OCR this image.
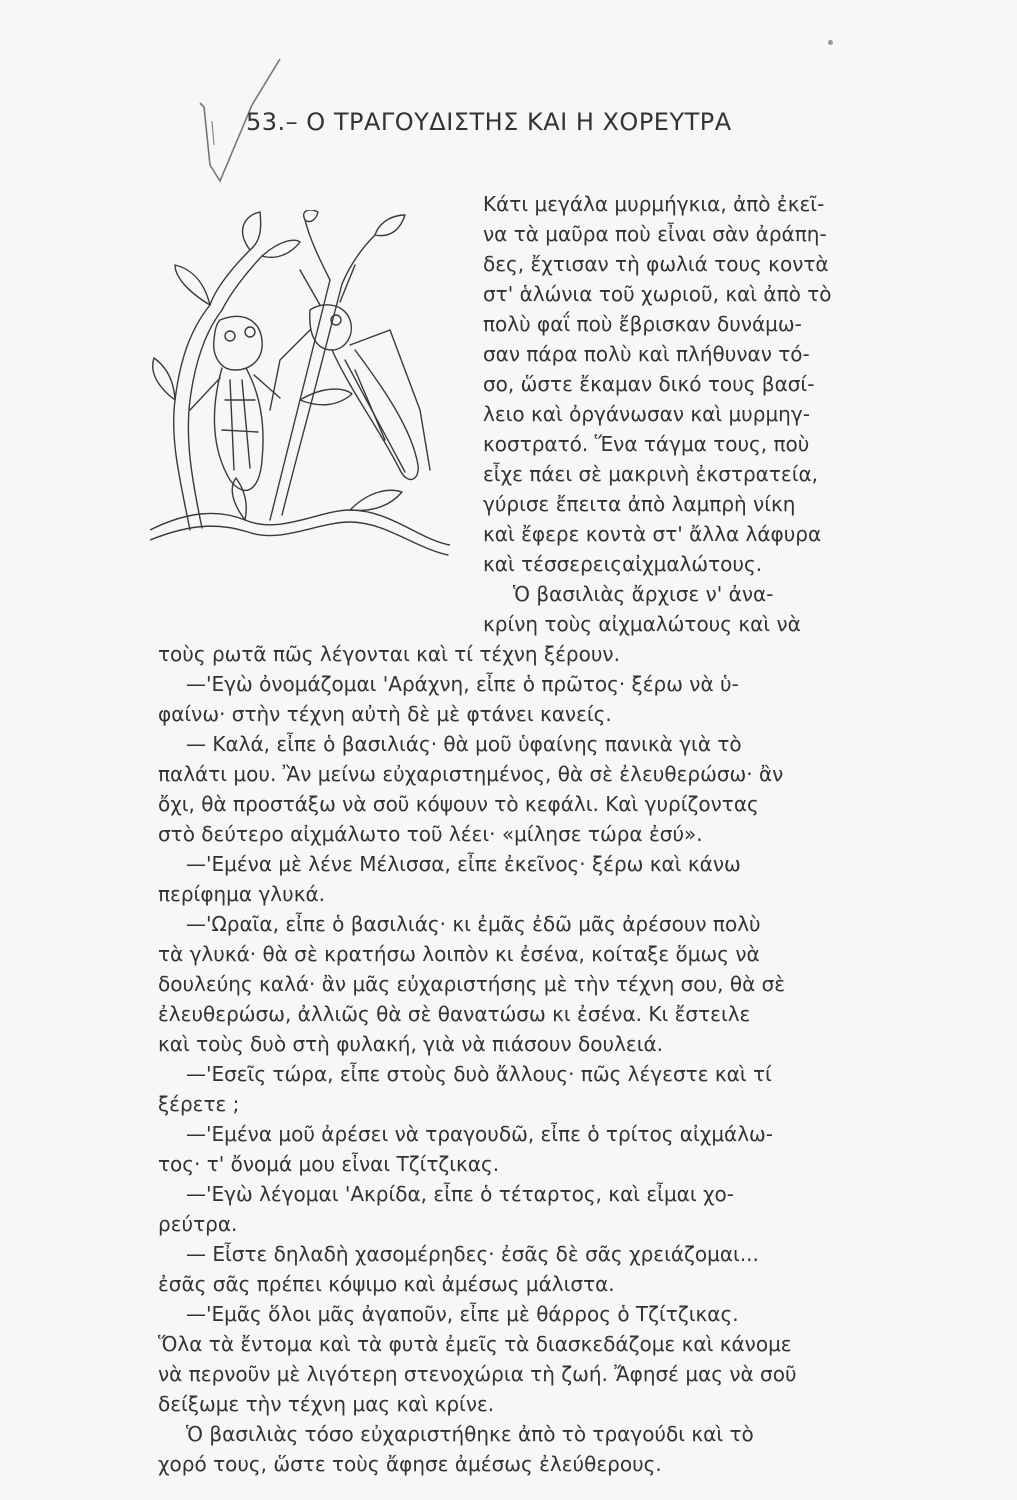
53.– Ο ΤΡΑΓΟΥΔΙΣΤΗΣ ΚΑΙ Η ΧΟΡΕΥΤΡΑ
Κάτι μεγάλα μυρμήγκια, ἀπὸ ἐκεῖ-
να τὰ μαῦρα ποὺ εἶναι σὰν ἀράπη-
δες, ἔχτισαν τὴ φωλιά τους κοντὰ
στ' ἁλώνια τοῦ χωριοῦ, καὶ ἀπὸ τὸ
πολὺ φαΐ ποὺ ἔβρισκαν δυνάμω-
σαν πάρα πολὺ καὶ πλήθυναν τό-
σο, ὥστε ἔκαμαν δικό τους βασί-
λειο καὶ ὀργάνωσαν καὶ μυρμηγ-
κοστρατό. Ἕνα τάγμα τους, ποὺ
εἶχε πάει σὲ μακρινὴ ἐκστρατεία,
γύρισε ἔπειτα ἀπὸ λαμπρὴ νίκη
καὶ ἔφερε κοντὰ στ' ἄλλα λάφυρα
καὶ τέσσερειςαἰχμαλώτους.
Ὁ βασιλιὰς ἄρχισε ν' ἀνα-
κρίνη τοὺς αἰχμαλώτους καὶ νὰ
τοὺς ρωτᾶ πῶς λέγονται καὶ τί τέχνη ξέρουν.
—'Εγὼ ὀνομάζομαι 'Αράχνη, εἶπε ὁ πρῶτος· ξέρω νὰ ὑ-
φαίνω· στὴν τέχνη αὐτὴ δὲ μὲ φτάνει κανείς.
— Καλά, εἶπε ὁ βασιλιάς· θὰ μοῦ ὑφαίνης πανικὰ γιὰ τὸ
παλάτι μου. Ἂν μείνω εὐχαριστημένος, θὰ σὲ ἐλευθερώσω· ἂν
ὄχι, θὰ προστάξω νὰ σοῦ κόψουν τὸ κεφάλι. Καὶ γυρίζοντας
στὸ δεύτερο αἰχμάλωτο τοῦ λέει· «μίλησε τώρα ἐσύ».
—'Εμένα μὲ λένε Μέλισσα, εἶπε ἐκεῖνος· ξέρω καὶ κάνω
περίφημα γλυκά.
—'Ωραῖα, εἶπε ὁ βασιλιάς· κι ἐμᾶς ἐδῶ μᾶς ἀρέσουν πολὺ
τὰ γλυκά· θὰ σὲ κρατήσω λοιπὸν κι ἐσένα, κοίταξε ὅμως νὰ
δουλεύης καλά· ἂν μᾶς εὐχαριστήσης μὲ τὴν τέχνη σου, θὰ σὲ
ἐλευθερώσω, ἀλλιῶς θὰ σὲ θανατώσω κι ἐσένα. Κι ἔστειλε
καὶ τοὺς δυὸ στὴ φυλακή, γιὰ νὰ πιάσουν δουλειά.
—'Εσεῖς τώρα, εἶπε στοὺς δυὸ ἄλλους· πῶς λέγεστε καὶ τί
ξέρετε ;
—'Εμένα μοῦ ἀρέσει νὰ τραγουδῶ, εἶπε ὁ τρίτος αἰχμάλω-
τος· τ' ὄνομά μου εἶναι Τζίτζικας.
—'Εγὼ λέγομαι 'Ακρίδα, εἶπε ὁ τέταρτος, καὶ εἶμαι χο-
ρεύτρα.
— Εἶστε δηλαδὴ χασομέρηδες· ἐσᾶς δὲ σᾶς χρειάζομαι...
ἐσᾶς σᾶς πρέπει κόψιμο καὶ ἀμέσως μάλιστα.
—'Εμᾶς ὅλοι μᾶς ἀγαποῦν, εἶπε μὲ θάρρος ὁ Τζίτζικας.
Ὅλα τὰ ἔντομα καὶ τὰ φυτὰ ἐμεῖς τὰ διασκεδάζομε καὶ κάνομε
νὰ περνοῦν μὲ λιγότερη στενοχώρια τὴ ζωή. Ἄφησέ μας νὰ σοῦ
δείξωμε τὴν τέχνη μας καὶ κρίνε.
Ὁ βασιλιὰς τόσο εὐχαριστήθηκε ἀπὸ τὸ τραγούδι καὶ τὸ
χορό τους, ὥστε τοὺς ἄφησε ἀμέσως ἐλεύθερους.
